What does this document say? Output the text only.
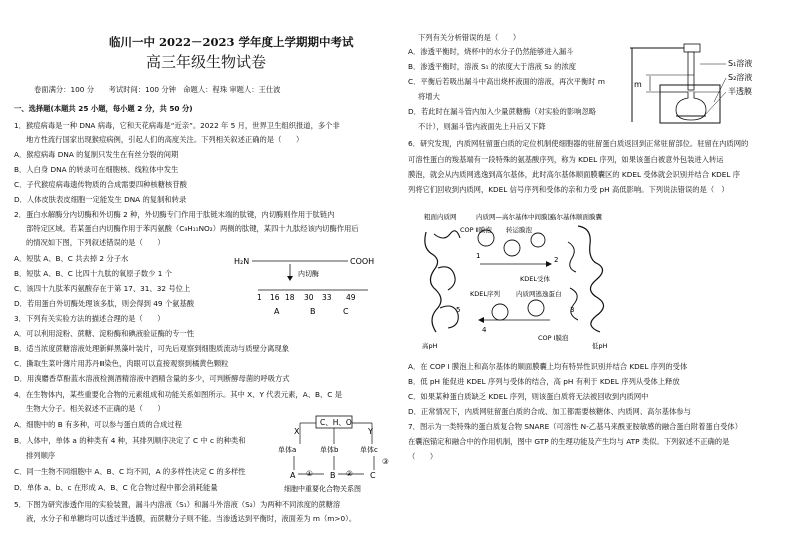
临川一中 2022－2023 学年度上学期期中考试
高三年级生物试卷
卷面满分：100 分　　考试时间：100 分钟　命题人：程珠 审题人：王仕波
一、选择题(本题共 25 小题，每小题 2 分，共 50 分)
1．猴痘病毒是一种 DNA 病毒，它和天花病毒是“近亲”。2022 年 5 月，世界卫生组织报道，多个非
地方性流行国家出现猴痘病例，引起人们的高度关注。下列相关叙述正确的是（　　）
A．猴痘病毒 DNA 的复制只发生在有丝分裂的间期
B．人白身 DNA 的转录可在细胞核、线粒体中发生
C．子代猴痘病毒遗传物质的合成需要四种核糖核苷酸
D．人体皮肤表皮细胞一定能发生 DNA 的复制和转录
2．蛋白水解酶分内切酶和外切酶 2 种，外切酶专门作用于肽链末端的肽键，内切酶则作用于肽链内
部特定区域。若某蛋白内切酶作用于苯丙氨酸（C₉H₁₁NO₂）两侧的肽键，某四十九肽经该内切酶作用后
的情况如下图，下列叙述错误的是（　　）
A．短肽 A、B、C 共去掉 2 分子水
B．短肽 A、B、C 比四十九肽的氧原子数少 1 个
C．该四十九肽苯丙氨酸存在于第 17、31、32 号位上
D．若用蛋白外切酶处理该多肽，则会得到 49 个氨基酸
3．下列有关实验方法的描述合理的是（　　）
A．可以利用淀粉、蔗糖、淀粉酶和碘液验证酶的专一性
B．适当浓度蔗糖溶液处理新鲜黑藻叶装片，可先后观察到细胞质流动与质壁分离现象
C．撕取生菜叶薄片用苏丹Ⅲ染色，肉眼可以直接观察到橘黄色颗粒
D．用溴麝香草酚蓝水溶液检测酒精溶液中酒精含量的多少，可判断酵母菌的呼吸方式
4．在生物体内，某些重要化合物的元素组成和功能关系如图所示。其中 X、Y 代表元素，A、B、C 是
生物大分子。相关叙述不正确的是（　　）
A．细胞中的 B 有多种，可以参与蛋白质的合成过程
B．人体中，单体 a 的种类有 4 种，其排列顺序决定了 C 中 c 的种类和
排列顺序
C．同一生物不同细胞中 A、B、C 均不同，A 的多样性决定 C 的多样性
D．单体 a、b、c 在形成 A、B、C 化合物过程中都会消耗能量
5．下图为研究渗透作用的实验装置，漏斗内溶液（S₁）和漏斗外溶液（S₂）为两种不同浓度的蔗糖溶
液，水分子和单糖均可以透过半透膜，而蔗糖分子则不能。当渗透达到平衡时，液面差为 m（m>0）。
H₂N	COOH
内切酶
1 16 18 30 33 49
A	B	C
C、H、O
X	Y
单体a	单体b	单体c
A ① B ② C
③
细胞中重要化合物关系图
下列有关分析错误的是（　　）
A．渗透平衡时，烧杯中的水分子仍然能够进入漏斗
B．渗透平衡时，溶液 S₁ 的浓度大于溶液 S₂ 的浓度
C．平衡后若吸出漏斗中高出烧杯液面的溶液，再次平衡时 m
将增大
D．若此时在漏斗管内加入少量蔗糖酶（对实验的影响忽略
不计），则漏斗管内液面先上升后又下降
6．研究发现，内质网驻留蛋白质的定位机制使细胞器的驻留蛋白质返回到正常驻留部位。驻留在内质网的
可溶性蛋白的羧基端有一段特殊的氨基酸序列，称为 KDEL 序列，如果该蛋白被意外包装进入转运
膜泡，就会从内质网逃逸到高尔基体，此时高尔基体顺面膜囊区的 KDEL 受体就会识别并结合 KDEL 序
列将它们回收到内质网，KDEL 信号序列和受体的亲和力受 pH 高低影响。下列说法错误的是（　）
A．在 COP Ⅰ 膜泡上和高尔基体的顺面膜囊上均有特异性识别并结合 KDEL 序列的受体
B．低 pH 能促进 KDEL 序列与受体的结合，高 pH 有利于 KDEL 序列从受体上释放
C．如果某种蛋白质缺乏 KDEL 序列，则该蛋白质将无法被回收到内质网中
D．正常情况下，内质网驻留蛋白质的合成、加工都需要核糖体、内质网、高尔基体参与
7．图示为一类特殊的蛋白质复合物 SNARE（可溶性 N-乙基马来酰亚胺敏感的融合蛋白附着蛋白受体）
在囊泡锚定和融合中的作用机制，图中 GTP 的生理功能及产生均与 ATP 类似。下列叙述不正确的是
（　　）
m
S₁溶液
S₂溶液
半透膜
粗面内质网	内质网—高尔基体中间膜区
高尔基体顺面膜囊
COP Ⅱ膜泡 转运膜泡
1	2
KDEL受体
KDEL序列 内质网逃逸蛋白
3
4
5
COP Ⅰ膜泡
高pH	低pH
